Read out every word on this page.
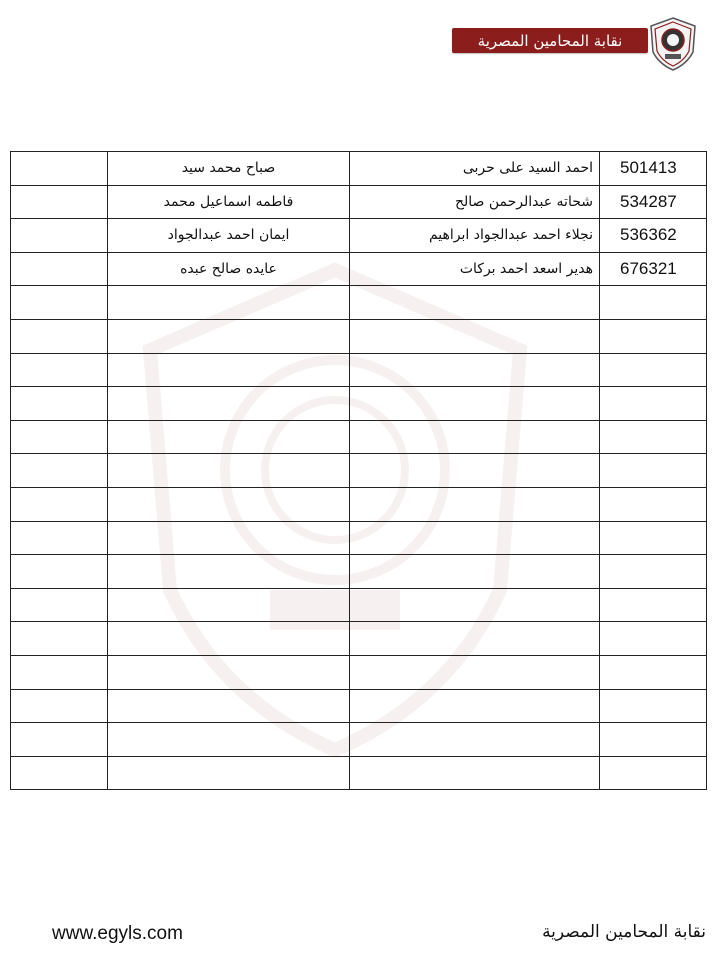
نقابة المحامين المصرية
	صباح محمد سيد	احمد السيد على حربى	501413
	فاطمه اسماعيل محمد	شحاته عبدالرحمن صالح	534287
	ايمان احمد عبدالجواد	نجلاء احمد عبدالجواد ابراهيم	536362
	عايده صالح عبده	هدير اسعد احمد بركات	676321

www.egyls.com	نقابة المحامين المصرية
